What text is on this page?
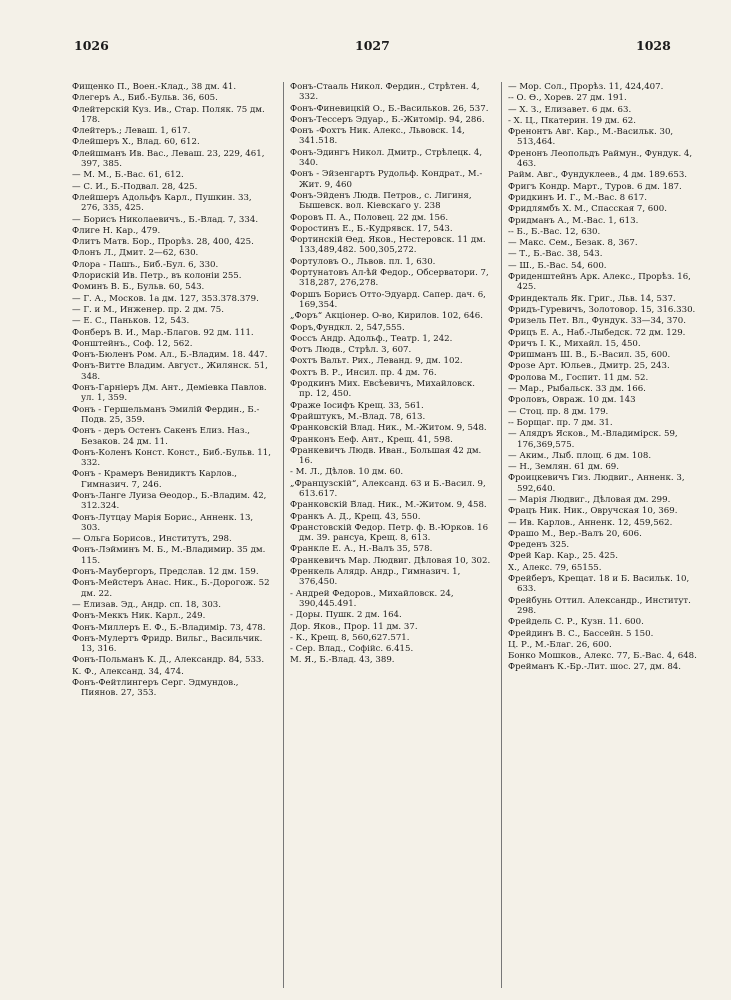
1026	1027	1028
Фищенко П., Воен.-Клад., 38 дм. 41.
Флегеръ А., Биб.-Бульв. 36, 605.
Флейтерскій Куз. Ив., Стар. Поляк. 75 дм. 178.
Флейтеръ.; Леваш. 1, 617.
Флейшеръ Х., Влад. 60, 612.
Флейшманъ Ив. Вас., Леваш. 23, 229, 461, 397, 385.
— М. М., Б.-Вас. 61, 612.
— С. И., Б.-Подвал. 28, 425.
Флейшеръ Адольфъ Карл., Пушкин. 33, 276, 335, 425.
— Борисъ Николаевичъ., Б.-Влад. 7, 334.
Флиге Н. Кар., 479.
Флитъ Матв. Бор., Прорѣз. 28, 400, 425.
Флонъ Л., Дмит. 2—62, 630.
Флора - Пашъ., Биб.-Бул. 6, 330.
Флорискій Ив. Петр., въ колоніи 255.
Фоминъ В. Б., Бульв. 60, 543.
— Г. А., Москов. 1а дм. 127, 353.378.379.
— Г. и М., Инженер. пр. 2 дм. 75.
— Е. С., Паньков. 12, 543.
Фонберъ В. И., Мар.-Благов. 92 дм. 111.
Фонштейнъ., Соф. 12, 562.
Фонъ-Бюленъ Ром. Ал., Б.-Владим. 18. 447.
Фонъ-Витте Владим. Август., Жилянск. 51, 348.
Фонъ-Гарніеръ Дм. Ант., Деміевка Павлов. ул. 1, 359.
Фонъ - Гершельманъ Эмилій Фердин., Б.-Подв. 25, 359.
Фонъ - деръ Остенъ Сакенъ Елиз. Наз., Безаков. 24 дм. 11.
Фонъ-Коленъ Конст. Конст., Биб.-Бульв. 11, 332.
Фонъ - Крамеръ Венидиктъ Карлов., Гимназич. 7, 246.
Фонъ-Ланге Луиза Өеодор., Б.-Владим. 42, 312.324.
Фонъ-Лутцау Марія Борис., Анненк. 13, 303.
— Ольга Борисов., Институтъ, 298.
Фонъ-Лэйминъ М. Б., М.-Владимир. 35 дм. 115.
Фонъ-Маубергоръ, Предслав. 12 дм. 159.
Фонъ-Мейстеръ Анас. Ник., Б.-Дорогож. 52 дм. 22.
— Елизав. Эд., Андр. сп. 18, 303.
Фонъ-Меккъ Ник. Карл., 249.
Фонъ-Миллеръ Е. Ф., Б.-Владимір. 73, 478.
Фонъ-Мулертъ Фридр. Вильг., Васильчик. 13, 316.
Фонъ-Польманъ К. Д., Александр. 84, 533.
К. Ф., Александ. 34, 474.
Фонъ-Фейтлингеръ Серг. Эдмундов., Пиянов. 27, 353.
Фонъ-Стааль Никол. Фердин., Стрѣтен. 4, 332.
Фонъ-Финевицкій О., Б.-Васильков. 26, 537.
Фонъ-Тессеръ Эдуар., Б.-Житомір. 94, 286.
Фонъ -Фохтъ Ник. Алекс., Львовск. 14, 341.518.
Фонъ-Эдингъ Никол. Дмитр., Стрѣлецк. 4, 340.
Фонъ - Эйзенгартъ Рудольф. Кондрат., М.-Жит. 9, 460
Фонъ-Эйденъ Людв. Петров., с. Лигиня, Бышевск. вол. Кіевскаго у. 238
Форовъ П. А., Половец. 22 дм. 156.
Форостинъ Е., Б.-Кудрявск. 17, 543.
Фортинскій Өед. Яков., Нестеровск. 11 дм. 133,489,482. 500,305,272.
Фортуловъ О., Львов. пл. 1, 630.
Фортунатовъ Ал-ѣй Федор., Обсерватори. 7, 318,287, 276,278.
Форшъ Борисъ Отто-Эдуард. Сапер. дач. 6, 169,354.
„Форъ“ Акціонер. О-во, Кирилов. 102, 646.
Форъ,Фундкл. 2, 547,555.
Фоссъ Андр. Адольф., Театр. 1, 242.
Фотъ Людв., Стрѣл. 3, 607.
Фохтъ Вальт. Рих., Леванд. 9, дм. 102.
Фохтъ В. Р., Инсил. пр. 4 дм. 76.
Фродкинъ Мих. Евсѣевичъ, Михайловск. пр. 12, 450.
Фраже Іосифъ Крещ. 33, 561.
Фрайштукъ, М.-Влад. 78, 613.
Франковскій Влад. Ник., М.-Житом. 9, 548.
Франконъ Ееф. Ант., Крещ. 41, 598.
Франкевичъ Людв. Иван., Большая 42 дм. 16.
- М. Л., Дѣлов. 10 дм. 60.
„Французскій“, Александ. 63 и Б.-Васил. 9, 613.617.
Франковскій Влад. Ник., М.-Житом. 9, 458.
Франкъ А. Д., Крещ. 43, 550.
Франстовскій Федор. Петр. ф. В.-Юрков. 16 дм. 39. рансуа, Крещ. 8, 613.
Франкле Е. А., Н.-Валъ 35, 578.
Франкевичъ Мар. Людвиг. Дѣловая 10, 302.
Френкель Алядр. Андр., Гимназич. 1, 376,450.
- Андрей Федоров., Михайловск. 24, 390,445.491.
- Доры. Пушк. 2 дм. 164.
Дор. Яков., Прор. 11 дм. 37.
- К., Крещ. 8, 560,627.571.
- Сер. Влад., Софійс. 6.415.
М. Я., Б.-Влад. 43, 389.
— Мор. Сол., Прорѣз. 11, 424,407.
-- О. Ө., Хорев. 27 дм. 191.
— Х. З., Елизавет. 6 дм. 63.
- Х. Ц., Пкатерин. 19 дм. 62.
Френонтъ Авг. Кар., М.-Васильк. 30, 513,464.
Френонъ Леопольдъ Раймун., Фундук. 4, 463.
Райм. Авг., Фундуклеев., 4 дм. 189.653.
Фригъ Кондр. Март., Туров. 6 дм. 187.
Фридкинъ И. Г., М.-Вас. 8 617.
Фридлямбъ Х. М., Спасская 7, 600.
Фридманъ А., М.-Вас. 1, 613.
-- Б., Б.-Вас. 12, 630.
— Макс. Сем., Безак. 8, 367.
— Т., Б.-Вас. 38, 543.
— Ш., Б.-Вас. 54, 600.
Фриденштейнъ Арк. Алекс., Прорѣз. 16, 425.
Фриндекталь Як. Григ., Льв. 14, 537.
Фридъ-Гуревичъ, Золотовор. 15, 316.330.
Фризель Пет. Вл., Фундук. 33—34, 370.
Фрицъ Е. А., Наб.-Лыбедск. 72 дм. 129.
Фричъ I. К., Михайл. 15, 450.
Фришманъ Ш. В., Б.-Васил. 35, 600.
Фрозе Арт. Юльев., Дмитр. 25, 243.
Фролова М., Госпит. 11 дм. 52.
— Мар., Рыбальск. 33 дм. 166.
Фроловъ, Овраж. 10 дм. 143
— Стоц. пр. 8 дм. 179.
-- Борщаг. пр. 7 дм. 31.
— Алядръ Ясков., М.-Владимірск. 59, 176,369,575.
— Аким., Лыб. площ. 6 дм. 108.
— Н., Землян. 61 дм. 69.
Фроицкевичъ Гиз. Людвиг., Анненк. 3, 592,640.
— Марія Людвиг., Дѣловая дм. 299.
Фрацъ Ник. Ник., Овручская 10, 369.
— Ив. Карлов., Анненк. 12, 459,562.
Фрашо М., Вер.-Валъ 20, 606.
Фреденъ 325.
Фрей Кар. Кар., 25. 425.
Х., Алекс. 79, 65155.
Фрейберъ, Крещат. 18 и Б. Васильк. 10, 633.
Фрейбунь Оттил. Александр., Институт. 298.
Фрейдель С. Р., Кузн. 11. 600.
Фрейдинъ В. С., Бассейн. 5 150.
Ц. Р., М.-Благ. 26, 600.
Бонко Мошков., Алекс. 77, Б.-Вас. 4, 648.
Фрейманъ К.-Бр.-Лит. шос. 27, дм. 84.
